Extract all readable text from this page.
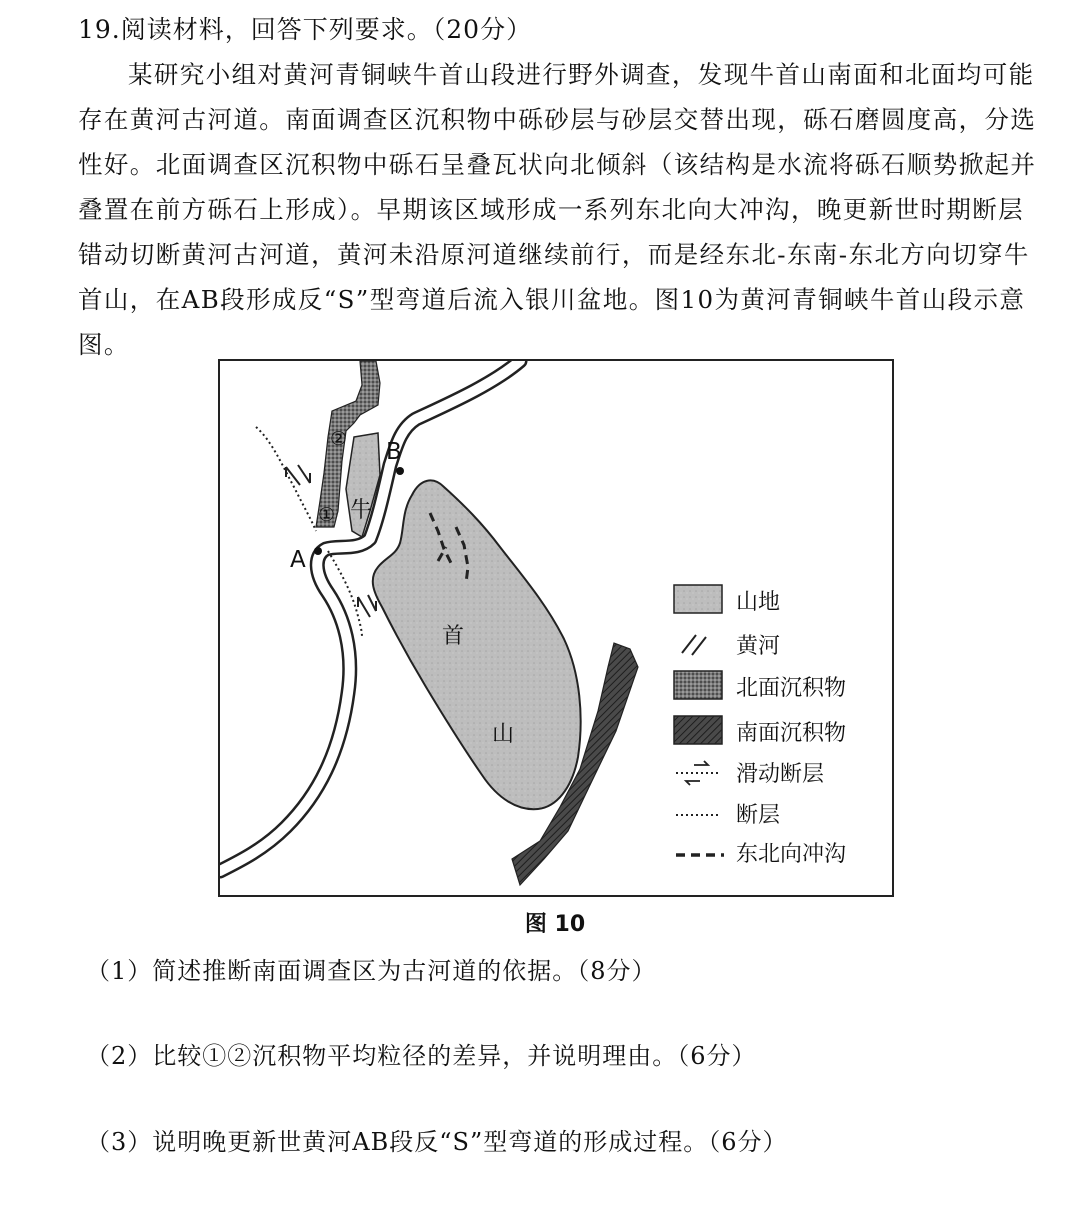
19.阅读材料，回答下列要求。（20分）

某研究小组对黄河青铜峡牛首山段进行野外调查，发现牛首山南面和北面均可能存在黄河古河道。南面调查区沉积物中砾砂层与砂层交替出现，砾石磨圆度高，分选性好。北面调查区沉积物中砾石呈叠瓦状向北倾斜（该结构是水流将砾石顺势掀起并叠置在前方砾石上形成）。早期该区域形成一系列东北向大冲沟，晚更新世时期断层错动切断黄河古河道，黄河未沿原河道继续前行，而是经东北-东南-东北方向切穿牛首山，在AB段形成反“S”型弯道后流入银川盆地。图10为黄河青铜峡牛首山段示意图。

A
B
②
① 牛
首
山
山地
黄河
北面沉积物
南面沉积物
滑动断层
断层
东北向冲沟

图 10

（1）简述推断南面调查区为古河道的依据。（8分）

（2）比较①②沉积物平均粒径的差异，并说明理由。（6分）

（3）说明晚更新世黄河AB段反“S”型弯道的形成过程。（6分）
